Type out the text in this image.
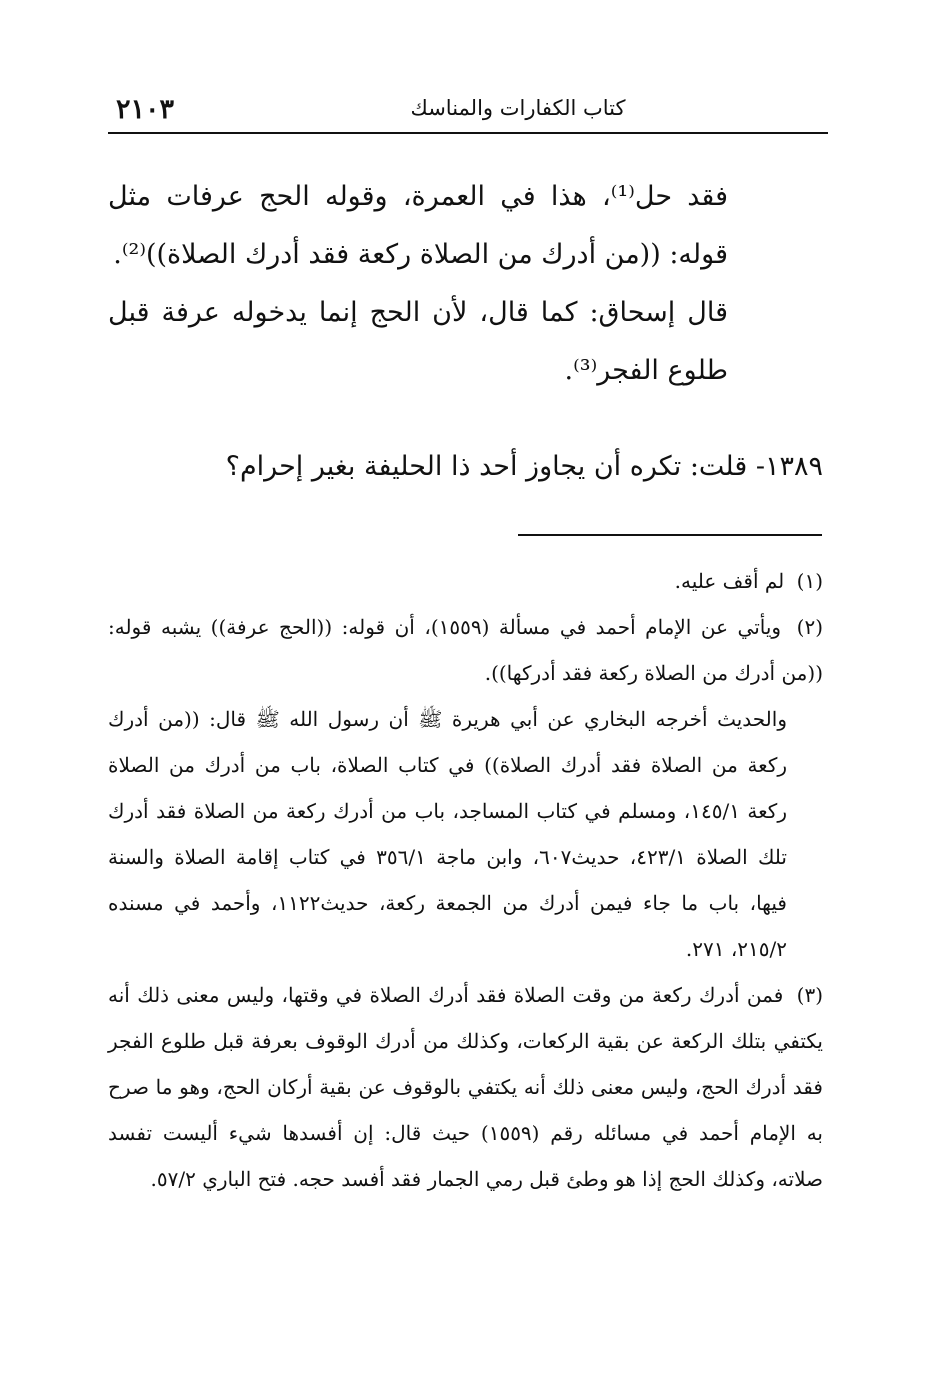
٢١٠٣	كتاب الكفارات والمناسك

فقد حل⁽¹⁾، هذا في العمرة، وقوله الحج عرفات مثل قوله: ((من أدرك من الصلاة ركعة فقد أدرك الصلاة))⁽²⁾.

قال إسحاق: كما قال، لأن الحج إنما يدخوله عرفة قبل طلوع الفجر⁽³⁾.

١٣٨٩- قلت: تكره أن يجاوز أحد ذا الحليفة بغير إحرام؟

(١) لم أقف عليه.

(٢) ويأتي عن الإمام أحمد في مسألة (١٥٥٩)، أن قوله: ((الحج عرفة)) يشبه قوله: ((من أدرك من الصلاة ركعة فقد أدركها)).

والحديث أخرجه البخاري عن أبي هريرة ﷺ أن رسول الله ﷺ قال: ((من أدرك ركعة من الصلاة فقد أدرك الصلاة)) في كتاب الصلاة، باب من أدرك من الصلاة ركعة ١٤٥/١، ومسلم في كتاب المساجد، باب من أدرك ركعة من الصلاة فقد أدرك تلك الصلاة ٤٢٣/١، حديث٦٠٧، وابن ماجة ٣٥٦/١ في كتاب إقامة الصلاة والسنة فيها، باب ما جاء فيمن أدرك من الجمعة ركعة، حديث١١٢٢، وأحمد في مسنده ٢١٥/٢، ٢٧١.

(٣) فمن أدرك ركعة من وقت الصلاة فقد أدرك الصلاة في وقتها، وليس معنى ذلك أنه يكتفي بتلك الركعة عن بقية الركعات، وكذلك من أدرك الوقوف بعرفة قبل طلوع الفجر فقد أدرك الحج، وليس معنى ذلك أنه يكتفي بالوقوف عن بقية أركان الحج، وهو ما صرح به الإمام أحمد في مسائله رقم (١٥٥٩) حيث قال: إن أفسدها شيء أليست تفسد صلاته، وكذلك الحج إذا هو وطئ قبل رمي الجمار فقد أفسد حجه. فتح الباري ٥٧/٢.
